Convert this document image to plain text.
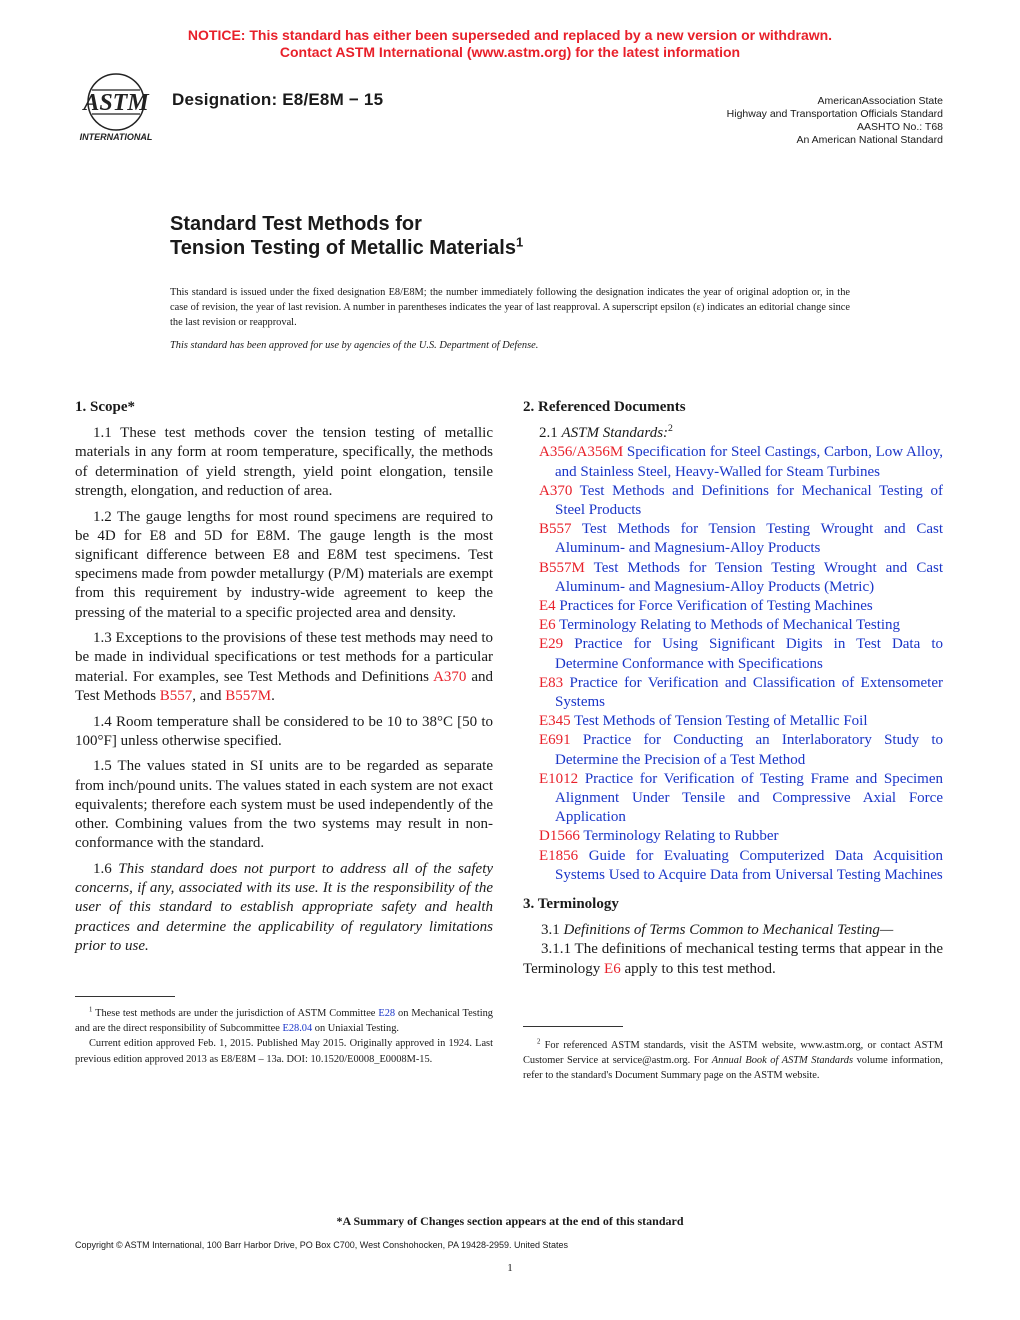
NOTICE: This standard has either been superseded and replaced by a new version or withdrawn.
Contact ASTM International (www.astm.org) for the latest information
ASTM
INTERNATIONAL
Designation: E8/E8M − 15	AmericanAssociation State
Highway and Transportation Officials Standard
AASHTO No.: T68
An American National Standard
Standard Test Methods for
Tension Testing of Metallic Materials$^1$
This standard is issued under the fixed designation E8/E8M; the number immediately following the designation indicates the year of original adoption or, in the case of revision, the year of last revision. A number in parentheses indicates the year of last reapproval. A superscript epsilon (ε) indicates an editorial change since the last revision or reapproval.
This standard has been approved for use by agencies of the U.S. Department of Defense.
1. Scope*

1.1 These test methods cover the tension testing of metallic materials in any form at room temperature, specifically, the methods of determination of yield strength, yield point elongation, tensile strength, elongation, and reduction of area.

1.2 The gauge lengths for most round specimens are required to be 4D for E8 and 5D for E8M. The gauge length is the most significant difference between E8 and E8M test specimens. Test specimens made from powder metallurgy (P/M) materials are exempt from this requirement by industry-wide agreement to keep the pressing of the material to a specific projected area and density.

1.3 Exceptions to the provisions of these test methods may need to be made in individual specifications or test methods for a particular material. For examples, see Test Methods and Definitions A370 and Test Methods B557, and B557M.

1.4 Room temperature shall be considered to be 10 to 38°C [50 to 100°F] unless otherwise specified.

1.5 The values stated in SI units are to be regarded as separate from inch/pound units. The values stated in each system are not exact equivalents; therefore each system must be used independently of the other. Combining values from the two systems may result in non-conformance with the standard.

1.6 This standard does not purport to address all of the safety concerns, if any, associated with its use. It is the responsibility of the user of this standard to establish appropriate safety and health practices and determine the applicability of regulatory limitations prior to use.

$^1$ These test methods are under the jurisdiction of ASTM Committee E28 on Mechanical Testing and are the direct responsibility of Subcommittee E28.04 on Uniaxial Testing.
Current edition approved Feb. 1, 2015. Published May 2015. Originally approved in 1924. Last previous edition approved 2013 as E8/E8M – 13a. DOI: 10.1520/E0008_E0008M-15.
2. Referenced Documents
2.1 ASTM Standards:$^2$

A356/A356M Specification for Steel Castings, Carbon, Low Alloy, and Stainless Steel, Heavy-Walled for Steam Turbines

A370 Test Methods and Definitions for Mechanical Testing of Steel Products

B557 Test Methods for Tension Testing Wrought and Cast Aluminum- and Magnesium-Alloy Products

B557M Test Methods for Tension Testing Wrought and Cast Aluminum- and Magnesium-Alloy Products (Metric)

E4 Practices for Force Verification of Testing Machines

E6 Terminology Relating to Methods of Mechanical Testing

E29 Practice for Using Significant Digits in Test Data to Determine Conformance with Specifications

E83 Practice for Verification and Classification of Extensometer Systems

E345 Test Methods of Tension Testing of Metallic Foil

E691 Practice for Conducting an Interlaboratory Study to Determine the Precision of a Test Method

E1012 Practice for Verification of Testing Frame and Specimen Alignment Under Tensile and Compressive Axial Force Application

D1566 Terminology Relating to Rubber

E1856 Guide for Evaluating Computerized Data Acquisition Systems Used to Acquire Data from Universal Testing Machines

3. Terminology

3.1 Definitions of Terms Common to Mechanical Testing—

3.1.1 The definitions of mechanical testing terms that appear in the Terminology E6 apply to this test method.

$^2$ For referenced ASTM standards, visit the ASTM website, www.astm.org, or contact ASTM Customer Service at service@astm.org. For Annual Book of ASTM Standards volume information, refer to the standard's Document Summary page on the ASTM website.
*A Summary of Changes section appears at the end of this standard
Copyright © ASTM International, 100 Barr Harbor Drive, PO Box C700, West Conshohocken, PA 19428-2959. United States
1
